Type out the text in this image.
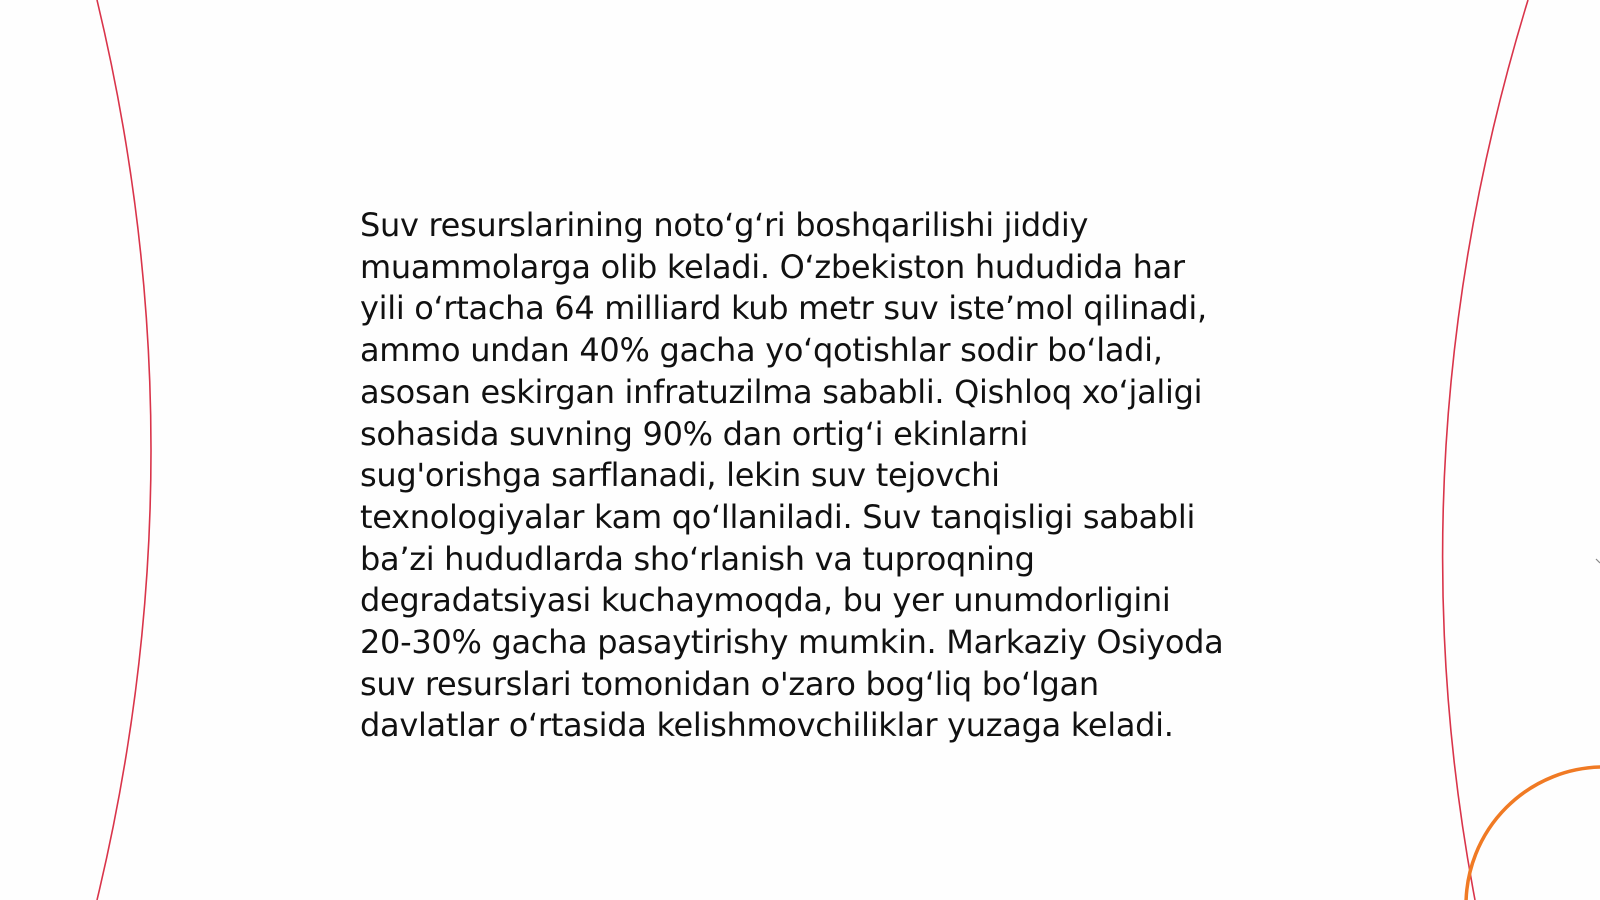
Suv resurslarining noto‘g‘ri boshqarilishi jiddiy
muammolarga olib keladi. O‘zbekiston hududida har
yili o‘rtacha 64 milliard kub metr suv iste’mol qilinadi,
ammo undan 40% gacha yo‘qotishlar sodir bo‘ladi,
asosan eskirgan infratuzilma sababli. Qishloq xo‘jaligi
sohasida suvning 90% dan ortig‘i ekinlarni
sug'orishga sarflanadi, lekin suv tejovchi
texnologiyalar kam qo‘llaniladi. Suv tanqisligi sababli
ba’zi hududlarda sho‘rlanish va tuproqning
degradatsiyasi kuchaymoqda, bu yer unumdorligini
20-30% gacha pasaytirishy mumkin. Markaziy Osiyoda
suv resurslari tomonidan o'zaro bog‘liq bo‘lgan
davlatlar o‘rtasida kelishmovchiliklar yuzaga keladi.
